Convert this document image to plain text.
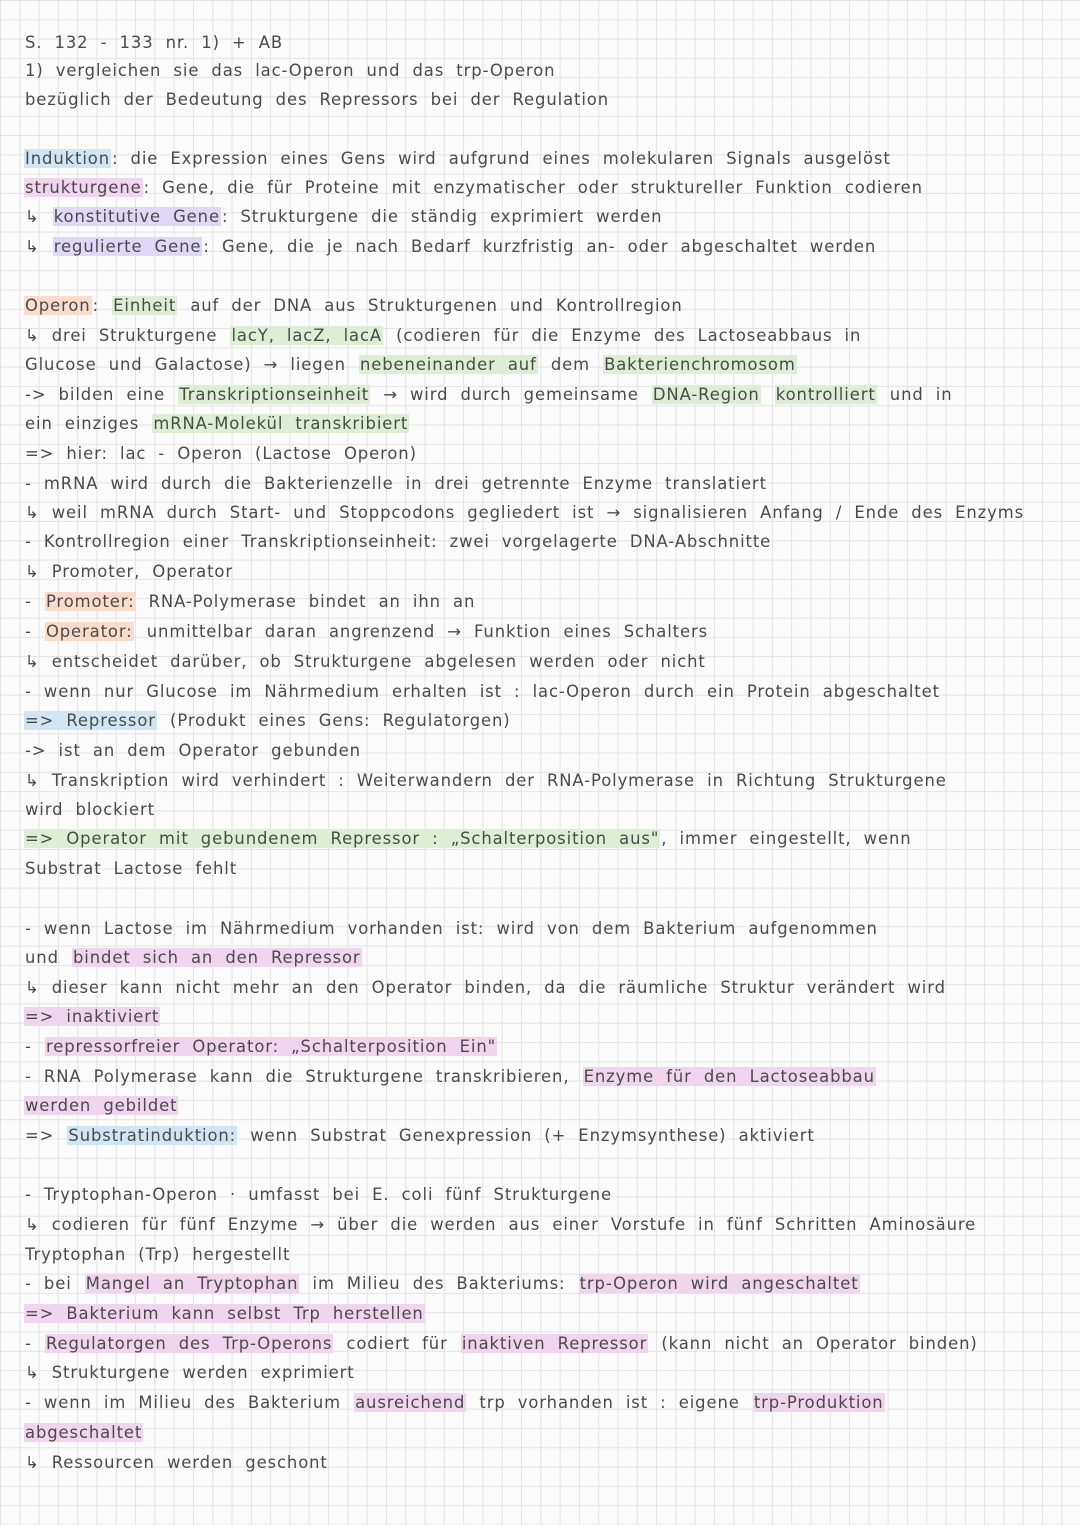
S. 132 - 133 nr. 1) + AB
1) vergleichen sie das lac-Operon und das trp-Operon
bezüglich der Bedeutung des Repressors bei der Regulation
Induktion : die Expression eines Gens wird aufgrund eines molekularen Signals ausgelöst
strukturgene : Gene, die für Proteine mit enzymatischer oder struktureller Funktion codieren
↳ konstitutive Gene : Strukturgene die ständig exprimiert werden
↳ regulierte Gene : Gene, die je nach Bedarf kurzfristig an- oder abgeschaltet werden
Operon : Einheit auf der DNA aus Strukturgenen und Kontrollregion
↳ drei Strukturgene lacY, lacZ, lacA (codieren für die Enzyme des Lactoseabbaus in
Glucose und Galactose) → liegen nebeneinander auf dem Bakterienchromosom
-> bilden eine Transkriptionseinheit → wird durch gemeinsame DNA-Region kontrolliert und in
ein einziges mRNA-Molekül transkribiert
=> hier: lac - Operon (Lactose Operon)
- mRNA wird durch die Bakterienzelle in drei getrennte Enzyme translatiert
↳ weil mRNA durch Start- und Stoppcodons gegliedert ist → signalisieren Anfang / Ende des Enzyms
- Kontrollregion einer Transkriptionseinheit: zwei vorgelagerte DNA-Abschnitte
↳ Promoter, Operator
- Promoter: RNA-Polymerase bindet an ihn an
- Operator: unmittelbar daran angrenzend → Funktion eines Schalters
↳ entscheidet darüber, ob Strukturgene abgelesen werden oder nicht
- wenn nur Glucose im Nährmedium erhalten ist : lac-Operon durch ein Protein abgeschaltet
=> Repressor (Produkt eines Gens: Regulatorgen)
-> ist an dem Operator gebunden
↳ Transkription wird verhindert : Weiterwandern der RNA-Polymerase in Richtung Strukturgene
wird blockiert
=> Operator mit gebundenem Repressor : „Schalterposition aus" , immer eingestellt, wenn
Substrat Lactose fehlt
- wenn Lactose im Nährmedium vorhanden ist: wird von dem Bakterium aufgenommen
und bindet sich an den Repressor
↳ dieser kann nicht mehr an den Operator binden, da die räumliche Struktur verändert wird
=> inaktiviert
- repressorfreier Operator: „Schalterposition Ein"
- RNA Polymerase kann die Strukturgene transkribieren, Enzyme für den Lactoseabbau
werden gebildet
=> Substratinduktion: wenn Substrat Genexpression (+ Enzymsynthese) aktiviert
- Tryptophan-Operon · umfasst bei E. coli fünf Strukturgene
↳ codieren für fünf Enzyme → über die werden aus einer Vorstufe in fünf Schritten Aminosäure
Tryptophan (Trp) hergestellt
- bei Mangel an Tryptophan im Milieu des Bakteriums: trp-Operon wird angeschaltet
=> Bakterium kann selbst Trp herstellen
- Regulatorgen des Trp-Operons codiert für inaktiven Repressor (kann nicht an Operator binden)
↳ Strukturgene werden exprimiert
- wenn im Milieu des Bakterium ausreichend trp vorhanden ist : eigene trp-Produktion
abgeschaltet
↳ Ressourcen werden geschont
